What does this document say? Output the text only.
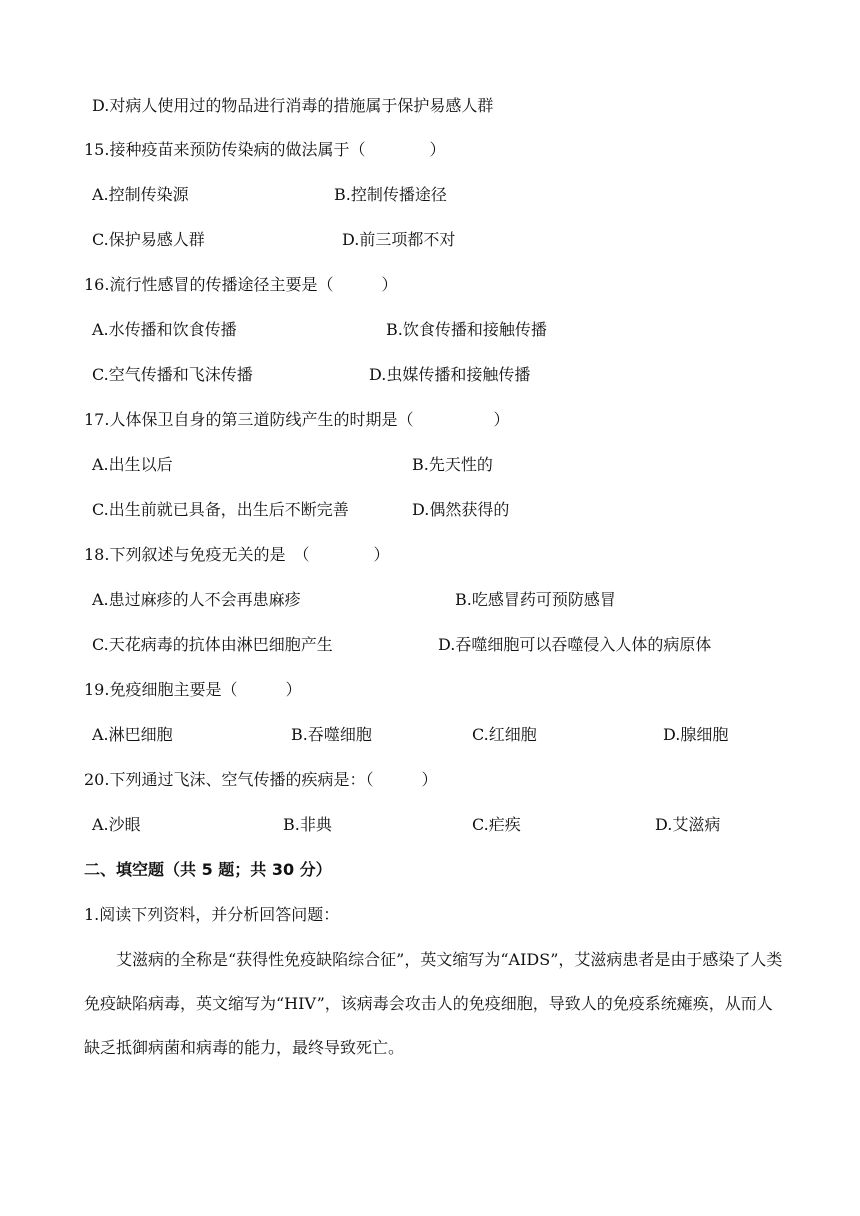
D.对病人使用过的物品进行消毒的措施属于保护易感人群
15.接种疫苗来预防传染病的做法属于（　　　　）
A.控制传染源	B.控制传播途径
C.保护易感人群	D.前三项都不对
16.流行性感冒的传播途径主要是（　　　）
A.水传播和饮食传播	B.饮食传播和接触传播
C.空气传播和飞沫传播	D.虫媒传播和接触传播
17.人体保卫自身的第三道防线产生的时期是（　　　　　）
A.出生以后	B.先天性的
C.出生前就已具备，出生后不断完善	D.偶然获得的
18.下列叙述与免疫无关的是　（　　　　）
A.患过麻疹的人不会再患麻疹	B.吃感冒药可预防感冒
C.天花病毒的抗体由淋巴细胞产生	D.吞噬细胞可以吞噬侵入人体的病原体
19.免疫细胞主要是（　　　）
A.淋巴细胞	B.吞噬细胞	C.红细胞	D.腺细胞
20.下列通过飞沫、空气传播的疾病是：（　　　）
A.沙眼	B.非典	C.疟疾	D.艾滋病
二、填空题（共 5 题；共 30 分）
1.阅读下列资料，并分析回答问题：
艾滋病的全称是“获得性免疫缺陷综合征”，英文缩写为“AIDS”，艾滋病患者是由于感染了人类免疫缺陷病毒，英文缩写为“HIV”，该病毒会攻击人的免疫细胞，导致人的免疫系统瘫痪，从而人缺乏抵御病菌和病毒的能力，最终导致死亡。
